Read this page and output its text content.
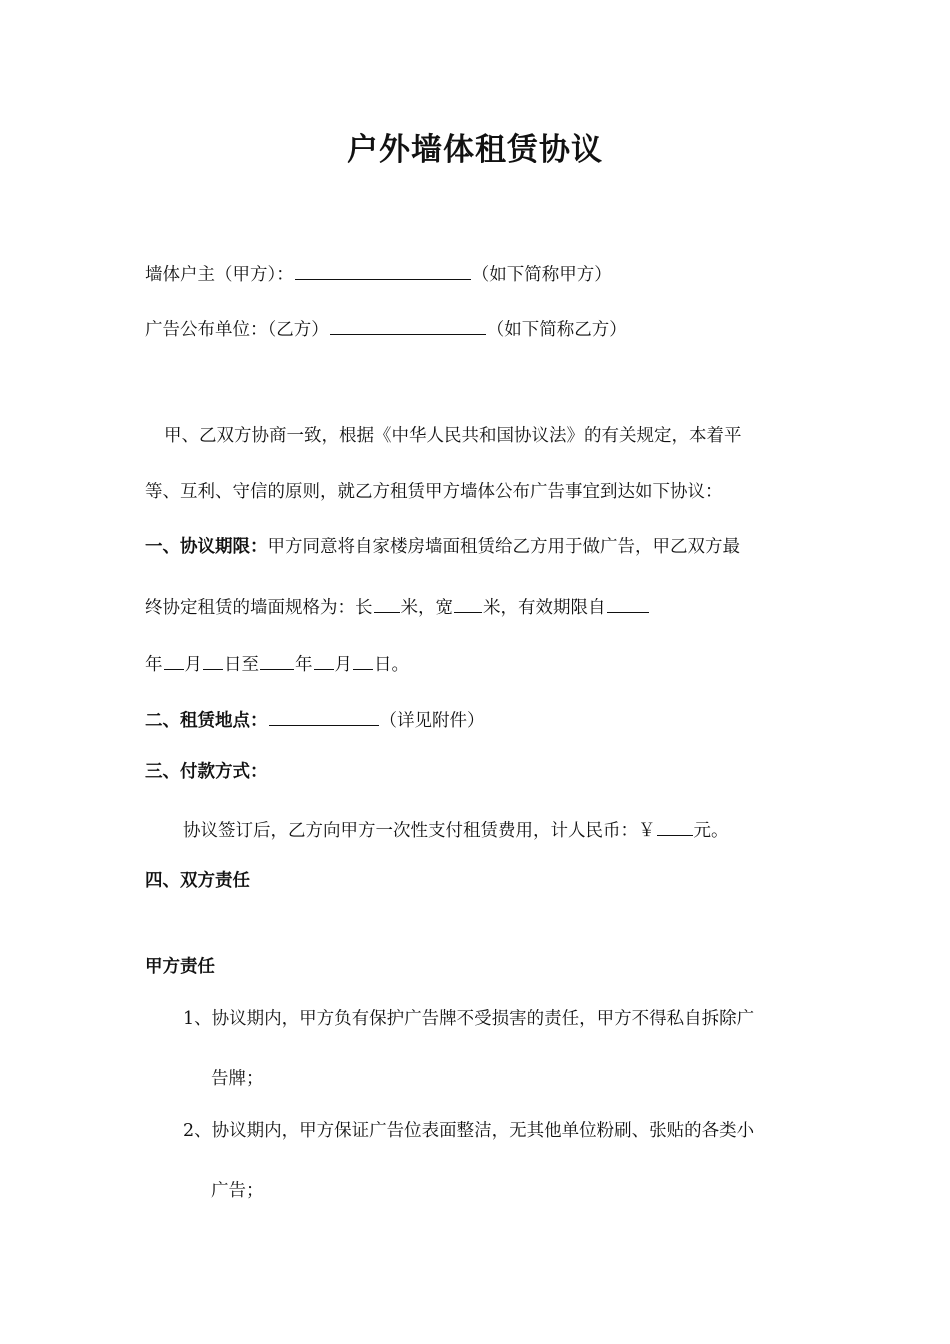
户外墙体租赁协议
墙体户主（甲方）：	（如下简称甲方）
广告公布单位：（乙方）	（如下简称乙方）
甲、乙双方协商一致，根据《中华人民共和国协议法》的有关规定，本着平
等、互利、守信的原则，就乙方租赁甲方墙体公布广告事宜到达如下协议：
一、协议期限：甲方同意将自家楼房墙面租赁给乙方用于做广告，甲乙双方最
终协定租赁的墙面规格为：长 米，宽 米，有效期限自
年 月 日至 年 月 日。
二、租赁地点：	（详见附件）
三、付款方式：
协议签订后，乙方向甲方一次性支付租赁费用，计人民币：￥ 元。
四、双方责任
甲方责任
1、协议期内，甲方负有保护广告牌不受损害的责任，甲方不得私自拆除广
告牌；
2、协议期内，甲方保证广告位表面整洁，无其他单位粉刷、张贴的各类小
广告；
